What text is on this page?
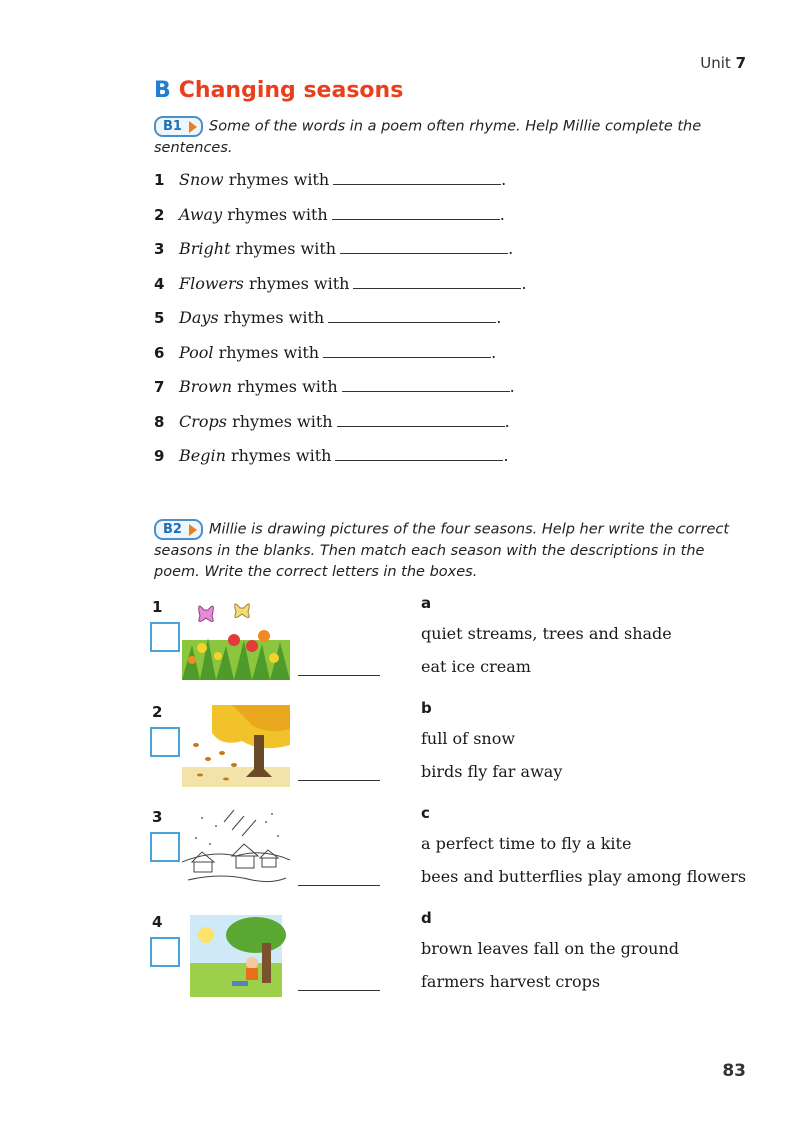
Unit 7
B Changing seasons
B1 Some of the words in a poem often rhyme. Help Millie complete the sentences.
1 Snow rhymes with	.
2 Away rhymes with	.
3 Bright rhymes with	.
4 Flowers rhymes with	.
5 Days rhymes with	.
6 Pool rhymes with	.
7 Brown rhymes with	.
8 Crops rhymes with	.
9 Begin rhymes with	.
B2 Millie is drawing pictures of the four seasons. Help her write the correct seasons in the blanks. Then match each season with the descriptions in the poem. Write the correct letters in the boxes.
1	a
quiet streams, trees and shade
eat ice cream
2	b
full of snow
birds fly far away
3	c
a perfect time to fly a kite
bees and butterflies play among flowers
4	d
brown leaves fall on the ground
farmers harvest crops
83
